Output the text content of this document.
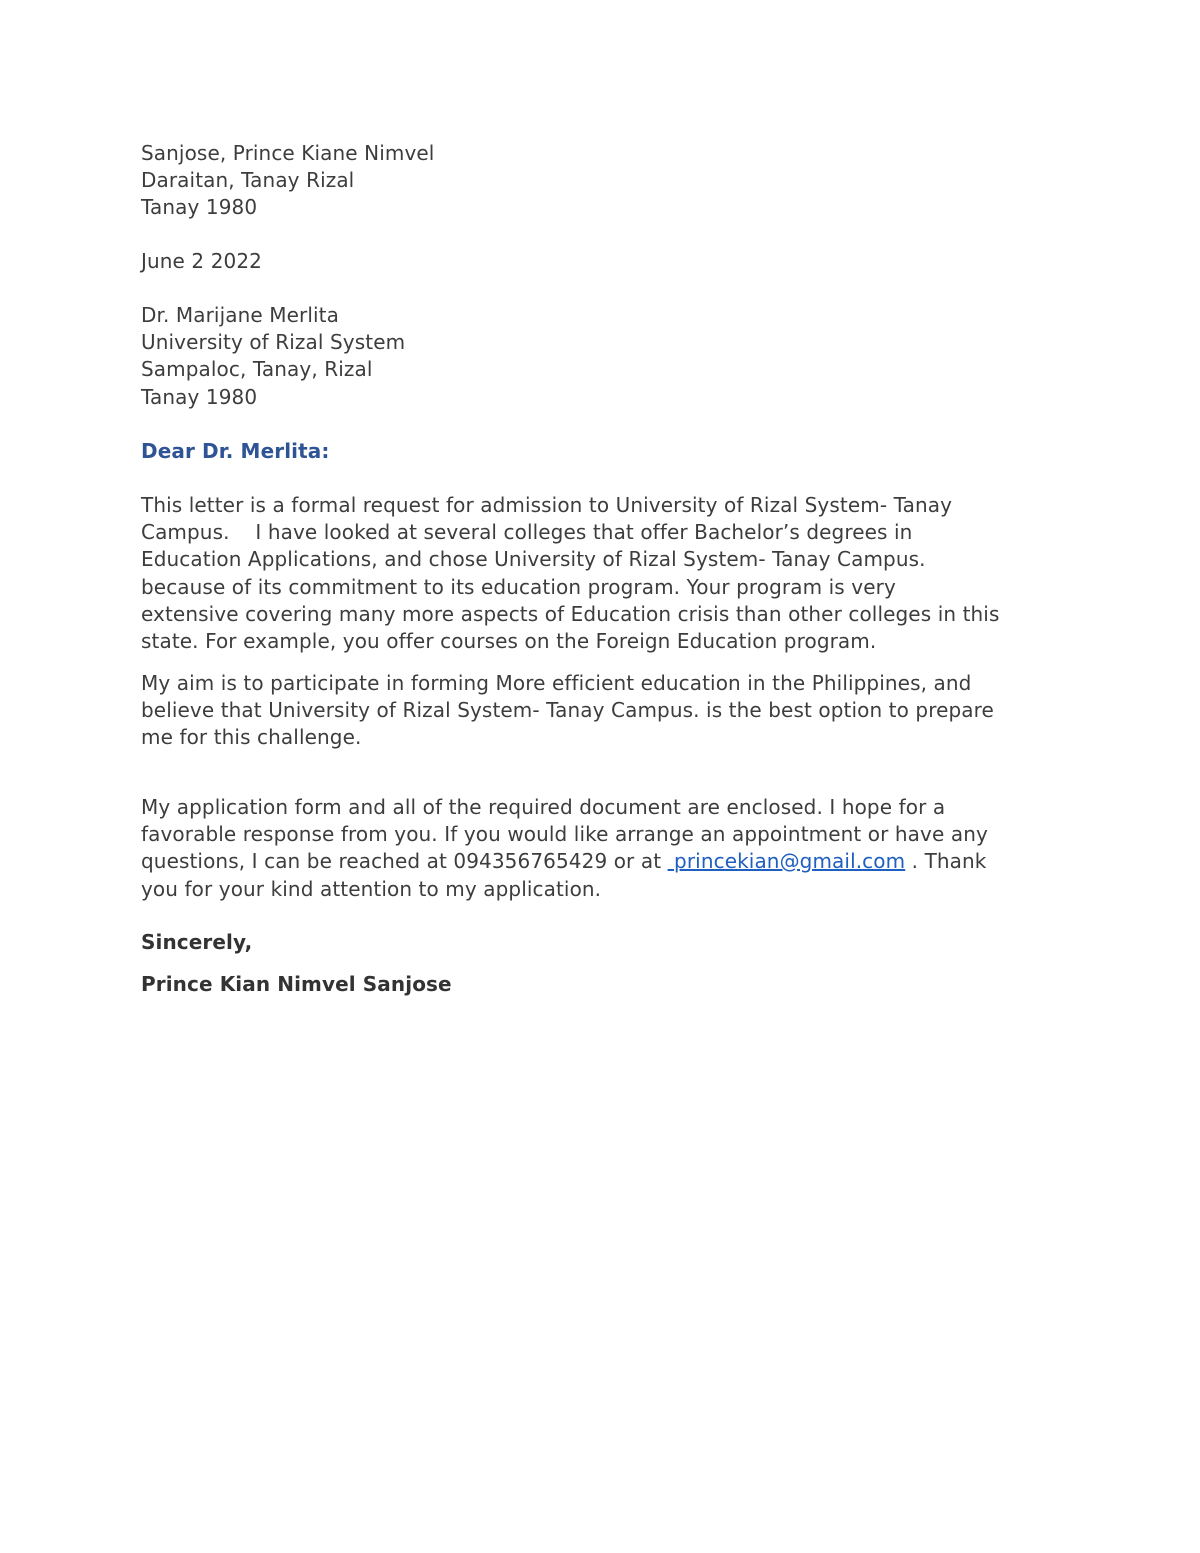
Sanjose, Prince Kiane Nimvel
Daraitan, Tanay Rizal
Tanay 1980
June 2 2022
Dr. Marijane Merlita
University of Rizal System
Sampaloc, Tanay, Rizal
Tanay 1980
Dear Dr. Merlita:
This letter is a formal request for admission to University of Rizal System- Tanay
Campus.    I have looked at several colleges that offer Bachelor’s degrees in
Education Applications, and chose University of Rizal System- Tanay Campus.
because of its commitment to its education program. Your program is very
extensive covering many more aspects of Education crisis than other colleges in this
state. For example, you offer courses on the Foreign Education program.
My aim is to participate in forming More efficient education in the Philippines, and
believe that University of Rizal System- Tanay Campus. is the best option to prepare
me for this challenge.
My application form and all of the required document are enclosed. I hope for a
favorable response from you. If you would like arrange an appointment or have any
questions, I can be reached at 094356765429 or at  princekian@gmail.com . Thank
you for your kind attention to my application.
Sincerely,
Prince Kian Nimvel Sanjose
